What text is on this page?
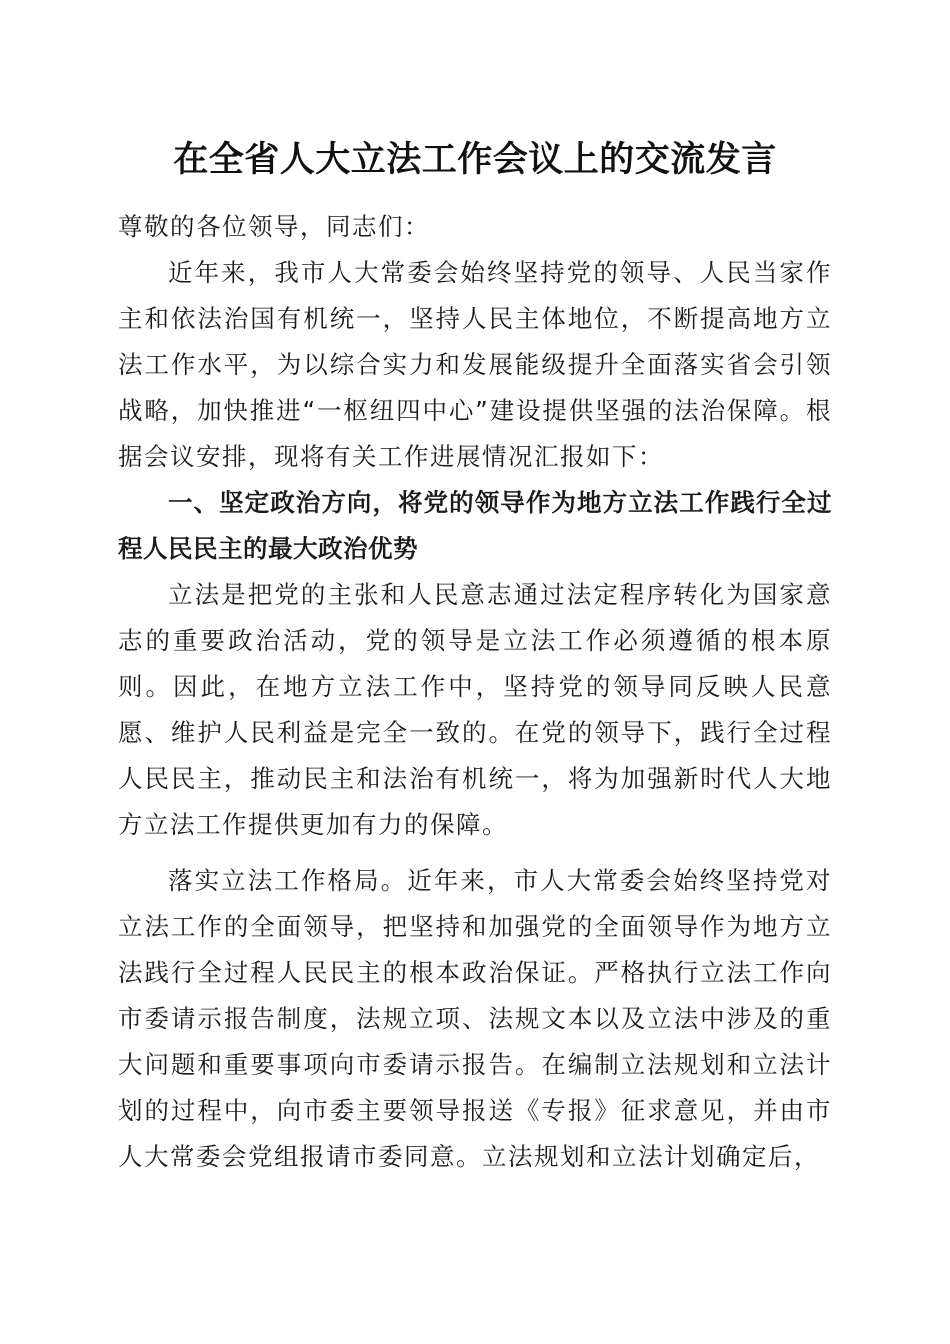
在全省人大立法工作会议上的交流发言

尊敬的各位领导，同志们：

近年来，我市人大常委会始终坚持党的领导、人民当家作主和依法治国有机统一，坚持人民主体地位，不断提高地方立法工作水平，为以综合实力和发展能级提升全面落实省会引领战略，加快推进“一枢纽四中心”建设提供坚强的法治保障。根据会议安排，现将有关工作进展情况汇报如下：

一、坚定政治方向，将党的领导作为地方立法工作践行全过程人民民主的最大政治优势

立法是把党的主张和人民意志通过法定程序转化为国家意志的重要政治活动，党的领导是立法工作必须遵循的根本原则。因此，在地方立法工作中，坚持党的领导同反映人民意愿、维护人民利益是完全一致的。在党的领导下，践行全过程人民民主，推动民主和法治有机统一，将为加强新时代人大地方立法工作提供更加有力的保障。

落实立法工作格局。近年来，市人大常委会始终坚持党对立法工作的全面领导，把坚持和加强党的全面领导作为地方立法践行全过程人民民主的根本政治保证。严格执行立法工作向市委请示报告制度，法规立项、法规文本以及立法中涉及的重大问题和重要事项向市委请示报告。在编制立法规划和立法计划的过程中，向市委主要领导报送《专报》征求意见，并由市人大常委会党组报请市委同意。立法规划和立法计划确定后，
